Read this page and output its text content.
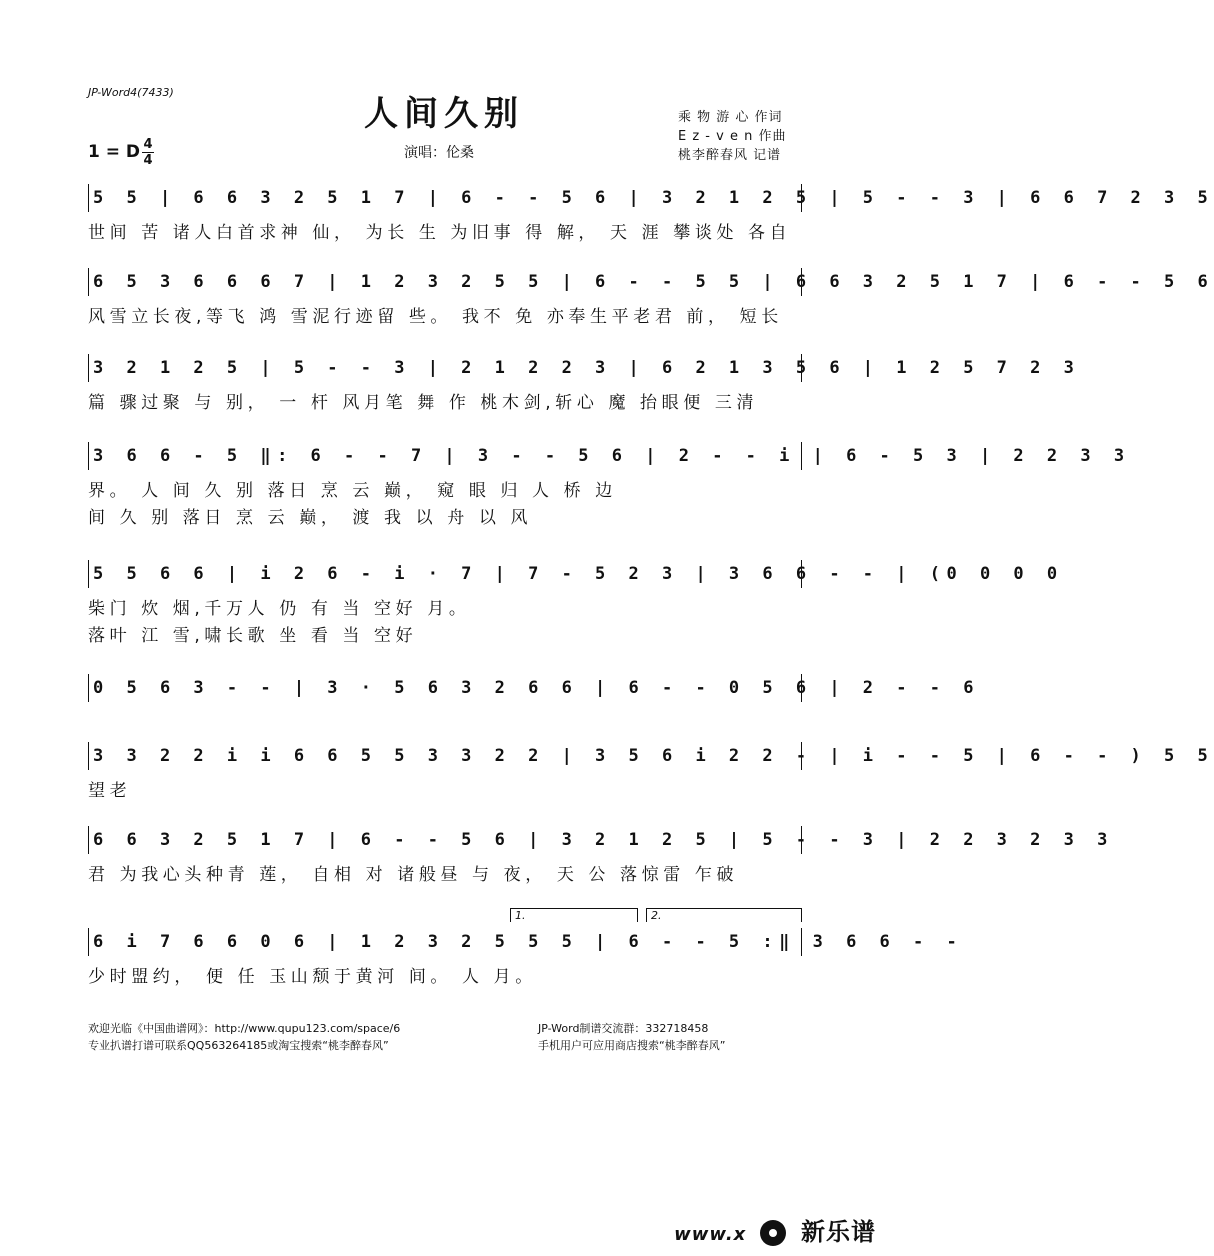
JP-Word4(7433)
人间久别
1 = D 4
4	演唱：伦桑
乘 物 游 心 作词
E z - v e n 作曲
桃李醉春风 记谱
5 5 | 6 6 3 2 5 1 7 | 6 - - 5 6 | 3 2 1 2 5 | 5 - - 3 | 6 6 7 2 3 5
世间 苦 诸人白首求神 仙， 为长 生 为旧事 得 解， 天 涯 攀谈处 各自
6 5 3 6 6 6 7 | 1 2 3 2 5 5 | 6 - - 5 5 | 6 6 3 2 5 1 7 | 6 - - 5 6
风雪立长夜,等飞 鸿 雪泥行迹留 些。 我不 免 亦奉生平老君 前， 短长
3 2 1 2 5 | 5 - - 3 | 2 1 2 2 3 | 6 2 1 3 5 6 | 1 2 5 7 2 3
篇 骤过聚 与 别， 一 杆 风月笔 舞 作 桃木剑,斩心 魔 抬眼便 三清
3 6 6 - 5 ‖: 6 - - 7 | 3 - - 5 6 | 2 - - i | 6 - 5 3 | 2 2 3 3
界。 人 间 久 别 落日 烹 云 巅， 窥 眼 归 人 桥 边
间 久 别 落日 烹 云 巅， 渡 我 以 舟 以 风
5 5 6 6 | i 2 6 - i · 7 | 7 - 5 2 3 | 3 6 6 - - | (0 0 0 0
柴门 炊 烟,千万人 仍 有 当 空好 月。
落叶 江 雪,啸长歌 坐 看 当 空好
0 5 6 3 - - | 3 · 5 6 3 2 6 6 | 6 - - 0 5 6 | 2 - - 6
3 3 2 2 i i 6 6 5 5 3 3 2 2 | 3 5 6 i 2 2 - | i - - 5 | 6 - - ) 5 5
望老
6 6 3 2 5 1 7 | 6 - - 5 6 | 3 2 1 2 5 | 5 - - 3 | 2 2 3 2 3 3
君 为我心头种青 莲， 自相 对 诸般昼 与 夜， 天 公 落惊雷 乍破
1.	2.
6 i 7 6 6 0 6 | 1 2 3 2 5 5 5 | 6 - - 5 :‖ 3 6 6 - -
少时盟约， 便 任 玉山颓于黄河 间。 人 月。
欢迎光临《中国曲谱网》：http://www.qupu123.com/space/6
专业扒谱打谱可联系QQ563264185或淘宝搜索“桃李醉春风”
JP-Word制谱交流群：332718458
手机用户可应用商店搜索“桃李醉春风”
www.x 新乐谱
